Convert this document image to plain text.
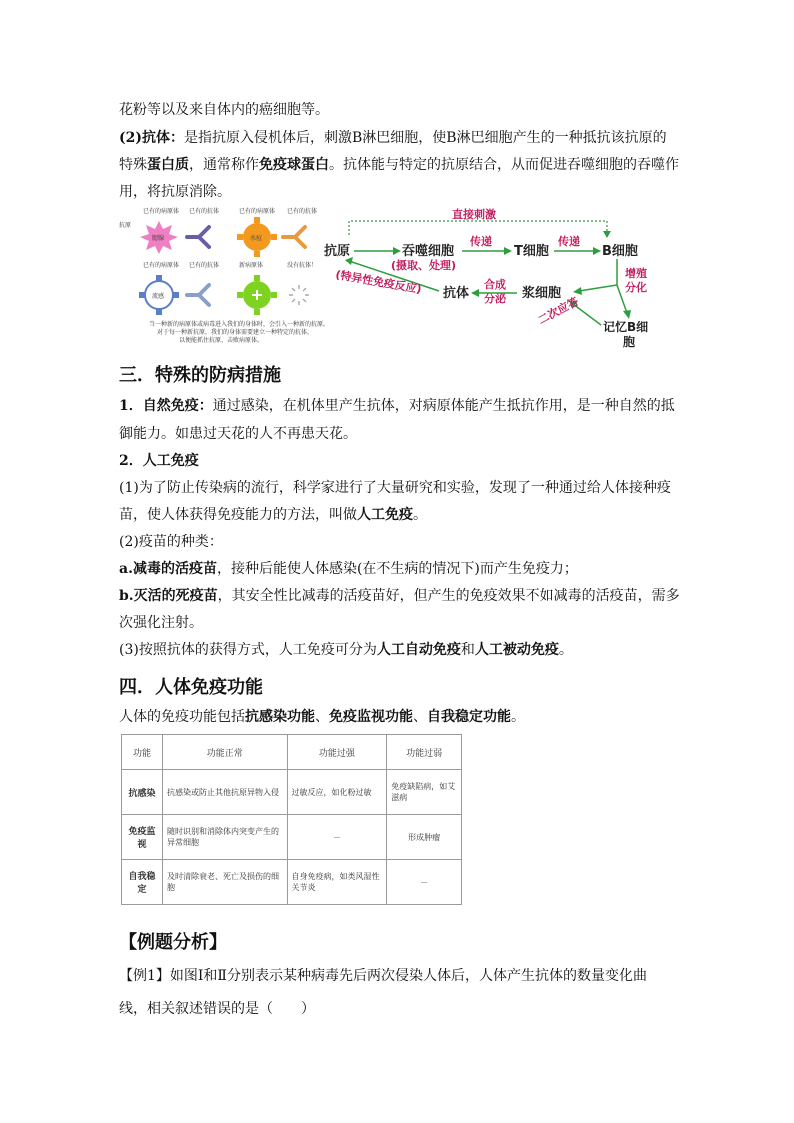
花粉等以及来自体内的癌细胞等。
(2)抗体：是指抗原入侵机体后，刺激B淋巴细胞，使B淋巴细胞产生的一种抵抗该抗原的
特殊蛋白质，通常称作免疫球蛋白。抗体能与特定的抗原结合，从而促进吞噬细胞的吞噬作
用，将抗原消除。
抗原
已有的病原体 已有的抗体
腮腺
已有的病原体 已有的抗体
已有的病原体 已有的抗体
水痘
流感
新病原体	没有抗体！
当一种新的病原体或病毒进入我们的身体时，会引入一种新的抗原。
对于每一种新抗原，我们的身体需要建立一种特定的抗体，
以便能抓住抗原、击败病原体。
直接刺激
抗原	吞噬细胞
(摄取、处理)
传递
T细胞
传递
B细胞
增殖
分化
浆细胞
合成
分泌
抗体
(特异性免疫反应)
记忆B细
胞
二次应答
三．特殊的防病措施
1．自然免疫：通过感染，在机体里产生抗体，对病原体能产生抵抗作用，是一种自然的抵
御能力。如患过天花的人不再患天花。
2．人工免疫
(1)为了防止传染病的流行，科学家进行了大量研究和实验，发现了一种通过给人体接种疫
苗，使人体获得免疫能力的方法，叫做人工免疫。
(2)疫苗的种类：
a.减毒的活疫苗，接种后能使人体感染(在不生病的情况下)而产生免疫力；
b.灭活的死疫苗，其安全性比减毒的活疫苗好，但产生的免疫效果不如减毒的活疫苗，需多
次强化注射。
(3)按照抗体的获得方式，人工免疫可分为人工自动免疫和人工被动免疫。
四．人体免疫功能
人体的免疫功能包括抗感染功能、免疫监视功能、自我稳定功能。
功能	功能正常	功能过强	功能过弱
抗感染	抗感染或防止其他抗原异物入侵	过敏反应，如化粉过敏	免疫缺陷病，如艾滋病
免疫监视	随时识别和消除体内突变产生的异常细胞	－	形成肿瘤
自我稳定	及时清除衰老、死亡及损伤的细胞	自身免疫病，如类风湿性关节炎	－
【例题分析】
【例1】如图Ⅰ和Ⅱ分别表示某种病毒先后两次侵染人体后，人体产生抗体的数量变化曲
线，相关叙述错误的是（　　）
